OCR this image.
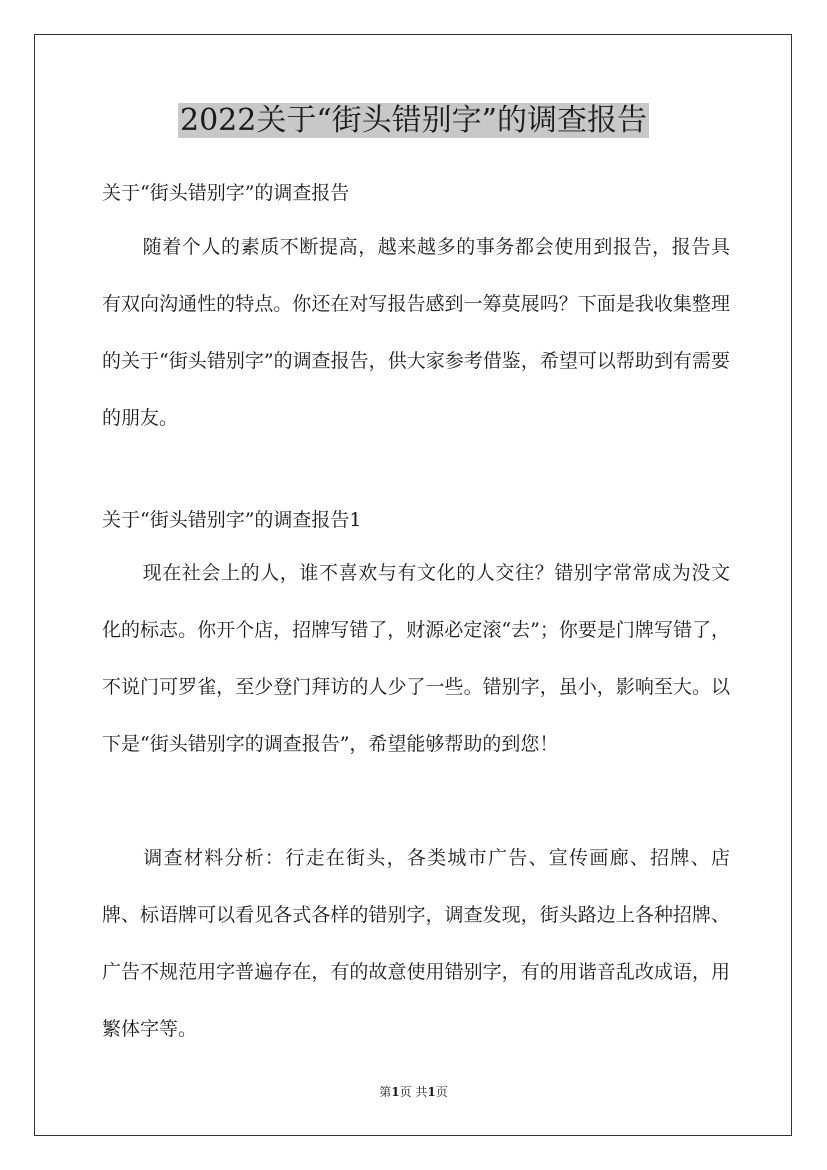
2022关于“街头错别字”的调查报告
关于“街头错别字”的调查报告
随着个人的素质不断提高，越来越多的事务都会使用到报告，报告具有双向沟通性的特点。你还在对写报告感到一筹莫展吗？下面是我收集整理的关于“街头错别字”的调查报告，供大家参考借鉴，希望可以帮助到有需要的朋友。
关于“街头错别字”的调查报告1
现在社会上的人，谁不喜欢与有文化的人交往？错别字常常成为没文化的标志。你开个店，招牌写错了，财源必定滚“去”；你要是门牌写错了，不说门可罗雀，至少登门拜访的人少了一些。错别字，虽小，影响至大。以下是“街头错别字的调查报告”，希望能够帮助的到您！
调查材料分析：行走在街头，各类城市广告、宣传画廊、招牌、店牌、标语牌可以看见各式各样的错别字，调查发现，街头路边上各种招牌、广告不规范用字普遍存在，有的故意使用错别字，有的用谐音乱改成语，用繁体字等。
第1页 共1页
